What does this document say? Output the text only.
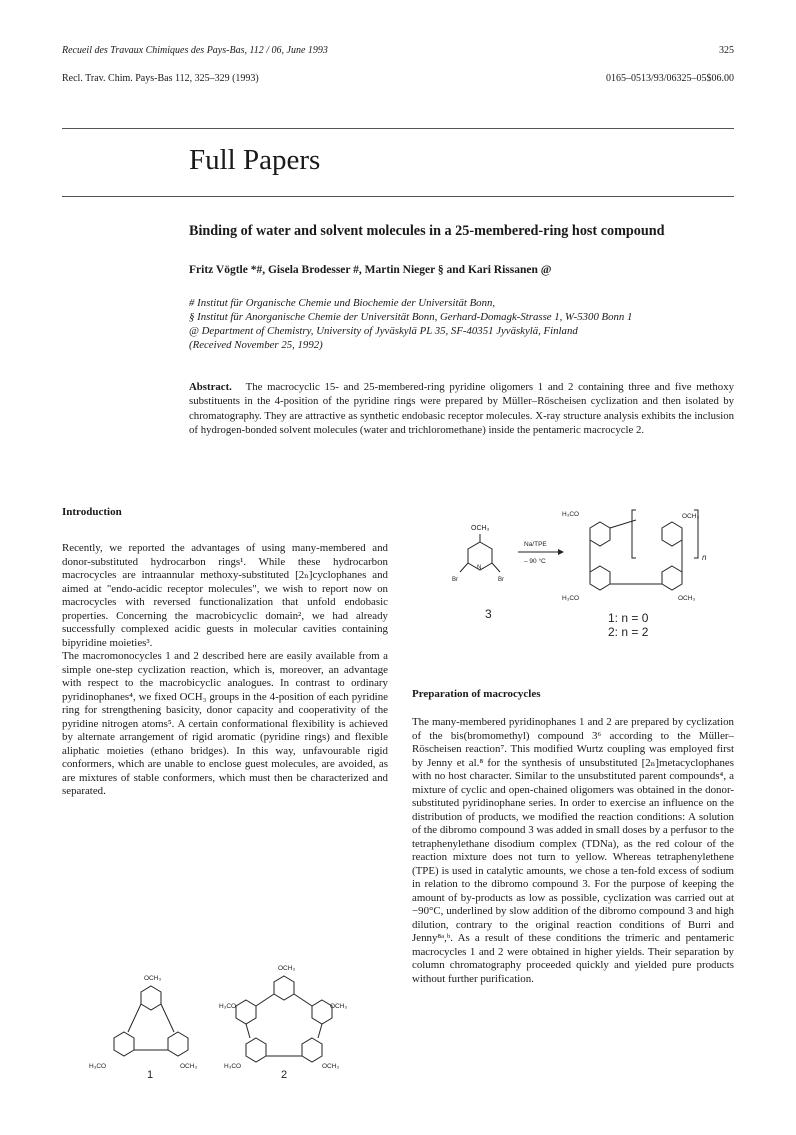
Recueil des Travaux Chimiques des Pays-Bas, 112 / 06, June 1993
Recl. Trav. Chim. Pays-Bas 112, 325–329 (1993)
325
0165–0513/93/06325–05$06.00
Full Papers
Binding of water and solvent molecules in a 25-membered-ring host compound
Fritz Vögtle *#, Gisela Brodesser #, Martin Nieger § and Kari Rissanen @
# Institut für Organische Chemie und Biochemie der Universität Bonn,
§ Institut für Anorganische Chemie der Universität Bonn, Gerhard-Domagk-Strasse 1, W-5300 Bonn 1
@ Department of Chemistry, University of Jyväskylä PL 35, SF-40351 Jyväskylä, Finland
(Received November 25, 1992)
Abstract. The macrocyclic 15- and 25-membered-ring pyridine oligomers 1 and 2 containing three and five methoxy substituents in the 4-position of the pyridine rings were prepared by Müller–Röscheisen cyclization and then isolated by chromatography. They are attractive as synthetic endobasic receptor molecules. X-ray structure analysis exhibits the inclusion of hydrogen-bonded solvent molecules (water and trichloromethane) inside the pentameric macrocycle 2.
Introduction
Recently, we reported the advantages of using many-membered and donor-substituted hydrocarbon rings¹. While these hydrocarbon macrocycles are intraannular methoxy-substituted [2ₙ]cyclophanes and aimed at "endo-acidic receptor molecules", we wish to report now on macrocycles with reversed functionalization that unfold endobasic properties. Concerning the macrobicyclic domain², we had already successfully complexed acidic guests in molecular cavities containing bipyridine moieties³.
The macromonocycles 1 and 2 described here are easily available from a simple one-step cyclization reaction, which is, moreover, an advantage with respect to the macrobicyclic analogues. In contrast to ordinary pyridinophanes⁴, we fixed OCH₃ groups in the 4-position of each pyridine ring for strengthening basicity, donor capacity and cooperativity of the pyridine nitrogen atoms⁵. A certain conformational flexibility is achieved by alternate arrangement of rigid aromatic (pyridine rings) and flexible aliphatic moieties (ethano bridges). In this way, unfavourable rigid conformers, which are unable to enclose guest molecules, are avoided, as are mixtures of stable conformers, which must then be characterized and separated.
Preparation of macrocycles
The many-membered pyridinophanes 1 and 2 are prepared by cyclization of the bis(bromomethyl) compound 3⁶ according to the Müller–Röscheisen reaction⁷. This modified Wurtz coupling was employed first by Jenny et al.⁸ for the synthesis of unsubstituted [2ₙ]metacyclophanes with no host character. Similar to the unsubstituted parent compounds⁴, a mixture of cyclic and open-chained oligomers was obtained in the donor-substituted pyridinophane series. In order to exercise an influence on the distribution of products, we modified the reaction conditions: A solution of the dibromo compound 3 was added in small doses by a perfusor to the tetraphenylethane disodium complex (TDNa), as the red colour of the reaction mixture does not turn to yellow. Whereas tetraphenylethene (TPE) is used in catalytic amounts, we chose a ten-fold excess of sodium in relation to the dibromo compound 3. For the purpose of keeping the amount of by-products as low as possible, cyclization was carried out at −90°C, underlined by slow addition of the dibromo compound 3 and high dilution, contrary to the original reaction conditions of Burri and Jenny⁸ᵃ,ᵇ. As a result of these conditions the trimeric and pentameric macrocycles 1 and 2 were obtained in higher yields. Their separation by column chromatography proceeded quickly and yielded pure products without further purification.
OCH₃
N
Br	Br
3
Na/TPE
– 90 °C
H₃CO	OCH₃
H₃CO	OCH₃
n
1: n = 0
2: n = 2
OCH₃
H₃CO	OCH₃
1
OCH₃
H₃CO	OCH₃
H₃CO	OCH₃
2
